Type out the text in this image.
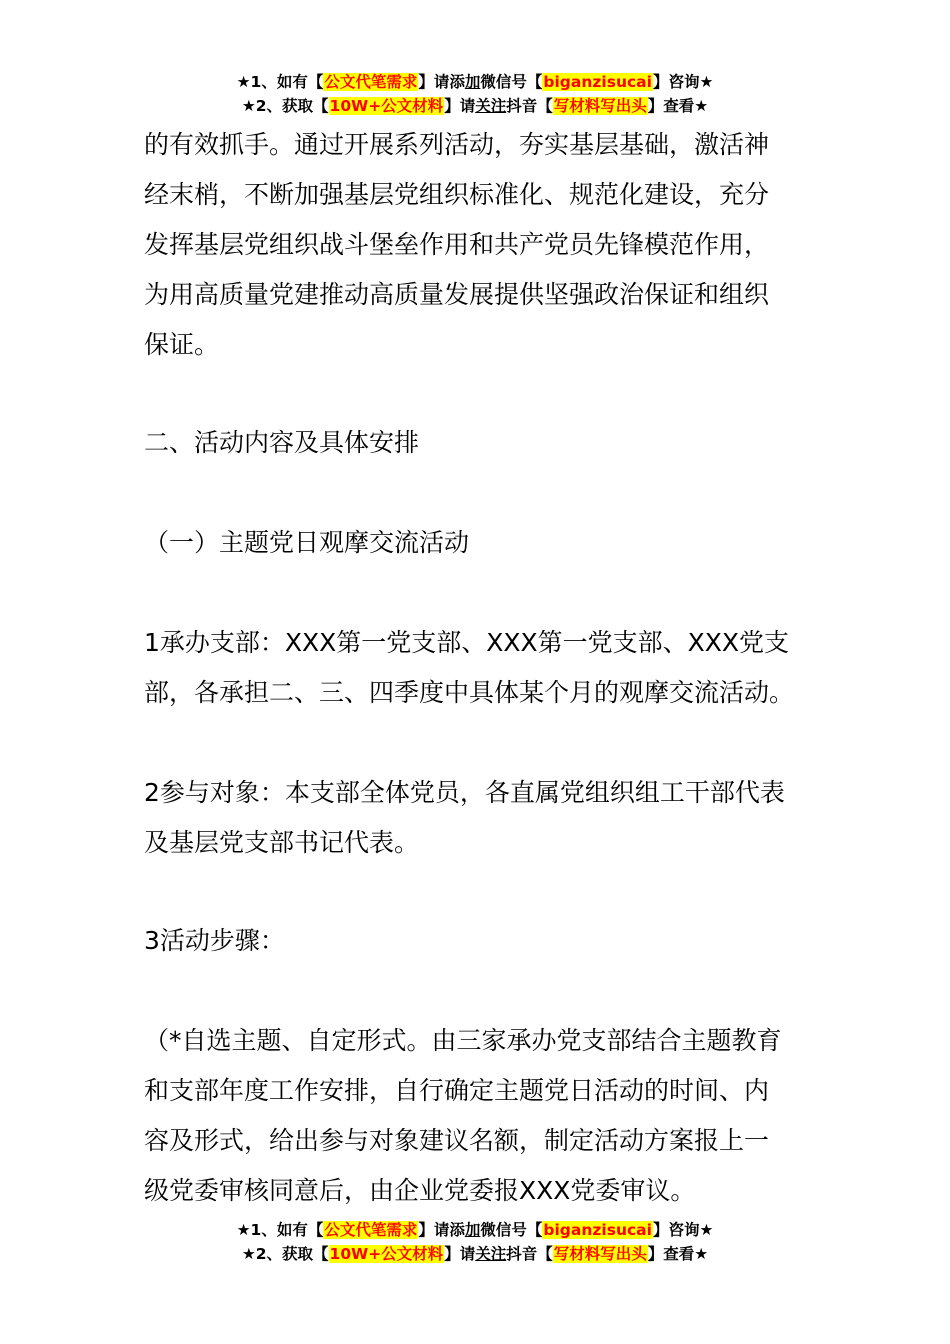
★1、如有【公文代笔需求】请添加微信号【biganzisucai】咨询★
★2、获取【10W+公文材料】请关注抖音【写材料写出头】查看★
的有效抓手。通过开展系列活动，夯实基层基础，激活神
经末梢，不断加强基层党组织标准化、规范化建设，充分
发挥基层党组织战斗堡垒作用和共产党员先锋模范作用，
为用高质量党建推动高质量发展提供坚强政治保证和组织
保证。
二、活动内容及具体安排
（一）主题党日观摩交流活动
1承办支部：XXX第一党支部、XXX第一党支部、XXX党支
部，各承担二、三、四季度中具体某个月的观摩交流活动。
2参与对象：本支部全体党员，各直属党组织组工干部代表
及基层党支部书记代表。
3活动步骤：
（*自选主题、自定形式。由三家承办党支部结合主题教育
和支部年度工作安排，自行确定主题党日活动的时间、内
容及形式，给出参与对象建议名额，制定活动方案报上一
级党委审核同意后，由企业党委报XXX党委审议。
★1、如有【公文代笔需求】请添加微信号【biganzisucai】咨询★
★2、获取【10W+公文材料】请关注抖音【写材料写出头】查看★
